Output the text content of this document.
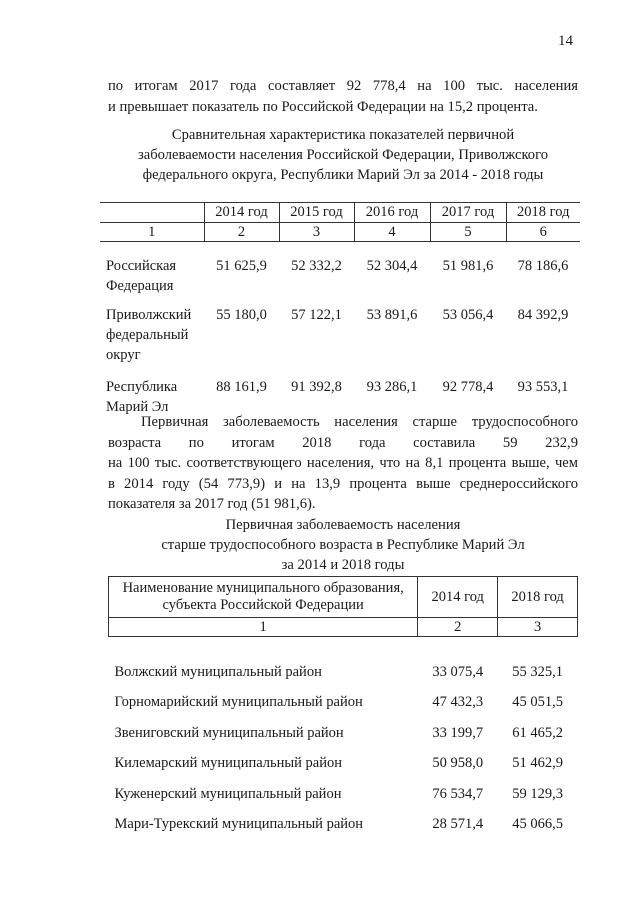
14
по итогам 2017 года составляет 92 778,4 на 100 тыс. населения
и превышает показатель по Российской Федерации на 15,2 процента.
Сравнительная характеристика показателей первичной
заболеваемости населения Российской Федерации, Приволжского
федерального округа, Республики Марий Эл за 2014 - 2018 годы
	2014 год	2015 год	2016 год	2017 год	2018 год
1	2	3	4	5	6

Российская
Федерация	51 625,9	52 332,2	52 304,4	51 981,6	78 186,6

Приволжский
федеральный
округ	55 180,0	57 122,1	53 891,6	53 056,4	84 392,9

Республика
Марий Эл	88 161,9	91 392,8	93 286,1	92 778,4	93 553,1
Первичная заболеваемость населения старше трудоспособного
возраста по итогам 2018 года составила 59 232,9
на 100 тыс. соответствующего населения, что на 8,1 процента выше, чем
в 2014 году (54 773,9) и на 13,9 процента выше среднероссийского
показателя за 2017 год (51 981,6).
Первичная заболеваемость населения
старше трудоспособного возраста в Республике Марий Эл
за 2014 и 2018 годы
Наименование муниципального образования,
субъекта Российской Федерации	2014 год	2018 год
1	2	3

Волжский муниципальный район	33 075,4	55 325,1
Горномарийский муниципальный район	47 432,3	45 051,5
Звениговский муниципальный район	33 199,7	61 465,2
Килемарский муниципальный район	50 958,0	51 462,9
Куженерский муниципальный район	76 534,7	59 129,3
Мари-Турекский муниципальный район	28 571,4	45 066,5
